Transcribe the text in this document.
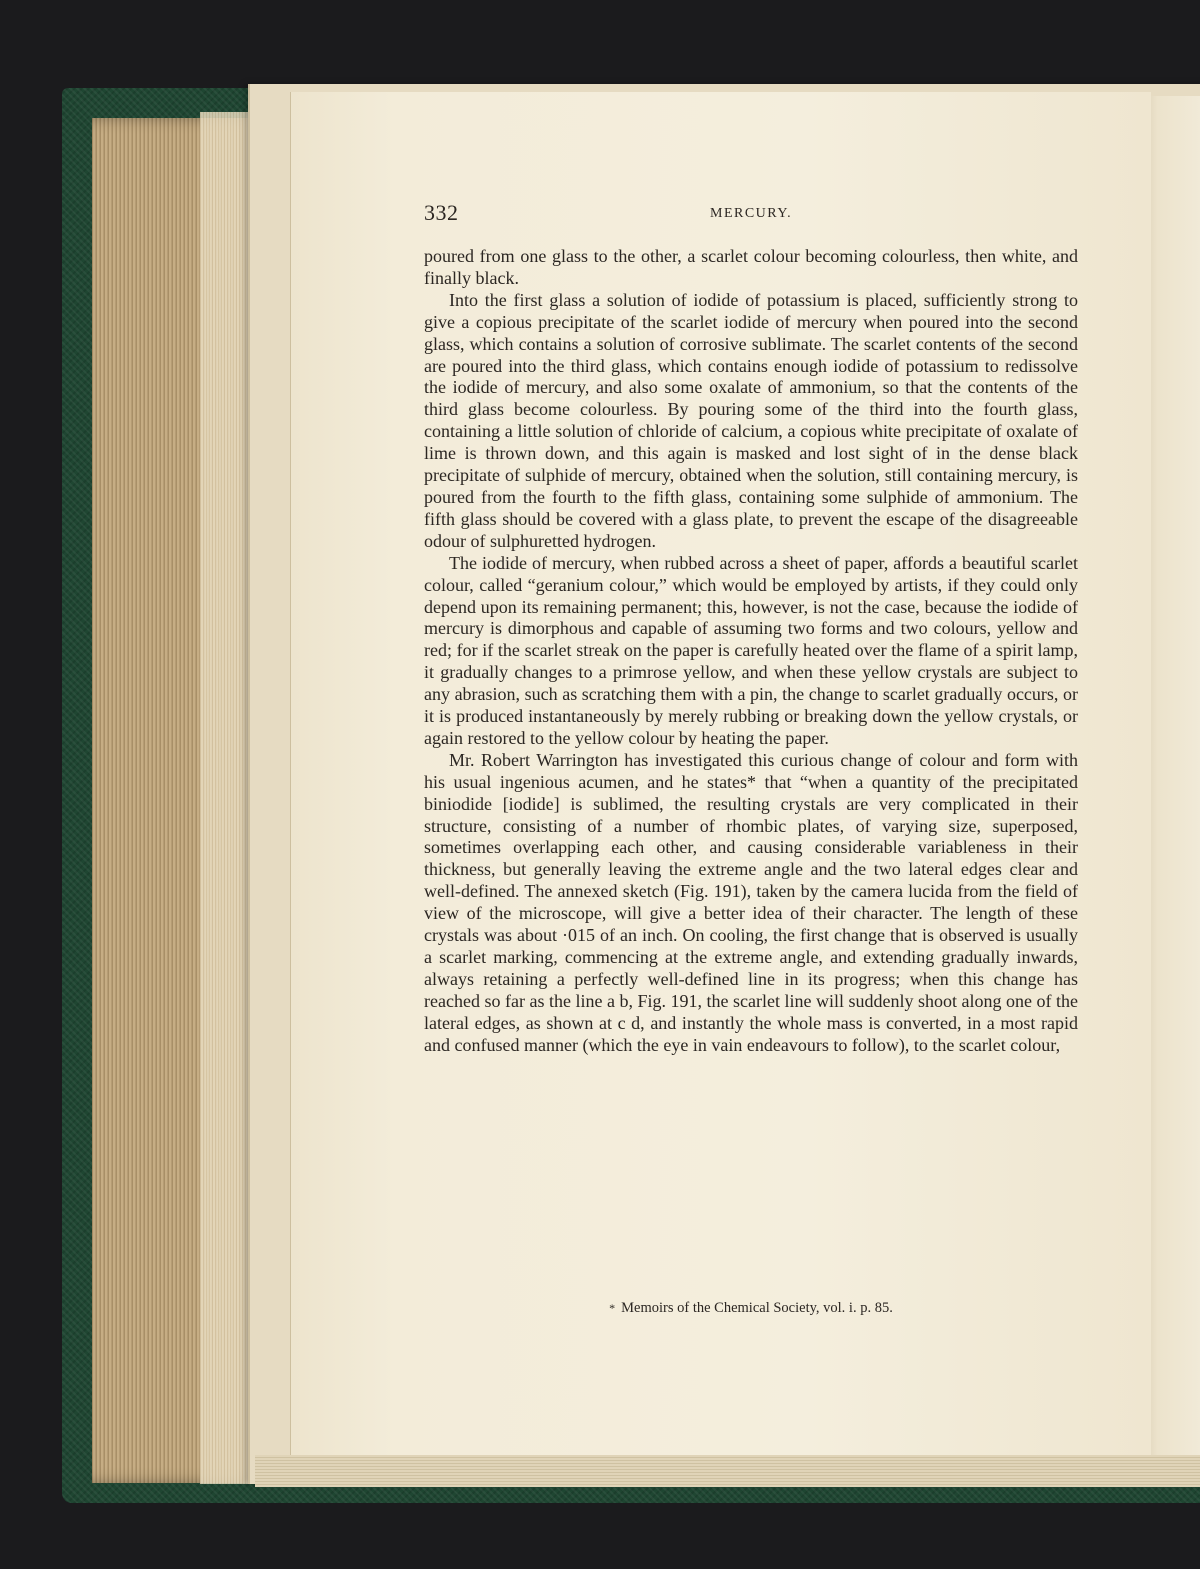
332	MERCURY.

poured from one glass to the other, a scarlet colour becoming colourless, then white, and finally black.

Into the first glass a solution of iodide of potassium is placed, sufficiently strong to give a copious precipitate of the scarlet iodide of mercury when poured into the second glass, which contains a solution of corrosive sublimate. The scarlet contents of the second are poured into the third glass, which contains enough iodide of potassium to redissolve the iodide of mercury, and also some oxalate of ammonium, so that the contents of the third glass become colourless. By pouring some of the third into the fourth glass, containing a little solution of chloride of calcium, a copious white precipitate of oxalate of lime is thrown down, and this again is masked and lost sight of in the dense black precipitate of sulphide of mercury, obtained when the solution, still containing mercury, is poured from the fourth to the fifth glass, containing some sulphide of ammonium. The fifth glass should be covered with a glass plate, to prevent the escape of the disagreeable odour of sulphuretted hydrogen.

The iodide of mercury, when rubbed across a sheet of paper, affords a beautiful scarlet colour, called “geranium colour,” which would be employed by artists, if they could only depend upon its remaining permanent; this, however, is not the case, because the iodide of mercury is dimorphous and capable of assuming two forms and two colours, yellow and red; for if the scarlet streak on the paper is carefully heated over the flame of a spirit lamp, it gradually changes to a primrose yellow, and when these yellow crystals are subject to any abrasion, such as scratching them with a pin, the change to scarlet gradually occurs, or it is produced instantaneously by merely rubbing or breaking down the yellow crystals, or again restored to the yellow colour by heating the paper.

Mr. Robert Warrington has investigated this curious change of colour and form with his usual ingenious acumen, and he states* that “when a quantity of the precipitated biniodide [iodide] is sublimed, the resulting crystals are very complicated in their structure, consisting of a number of rhombic plates, of varying size, superposed, sometimes overlapping each other, and causing considerable variableness in their thickness, but generally leaving the extreme angle and the two lateral edges clear and well-defined. The annexed sketch (Fig. 191), taken by the camera lucida from the field of view of the microscope, will give a better idea of their character. The length of these crystals was about ·015 of an inch. On cooling, the first change that is observed is usually a scarlet marking, commencing at the extreme angle, and extending gradually inwards, always retaining a perfectly well-defined line in its progress; when this change has reached so far as the line a b, Fig. 191, the scarlet line will suddenly shoot along one of the lateral edges, as shown at c d, and instantly the whole mass is converted, in a most rapid and confused manner (which the eye in vain endeavours to follow), to the scarlet colour,

* Memoirs of the Chemical Society, vol. i. p. 85.
